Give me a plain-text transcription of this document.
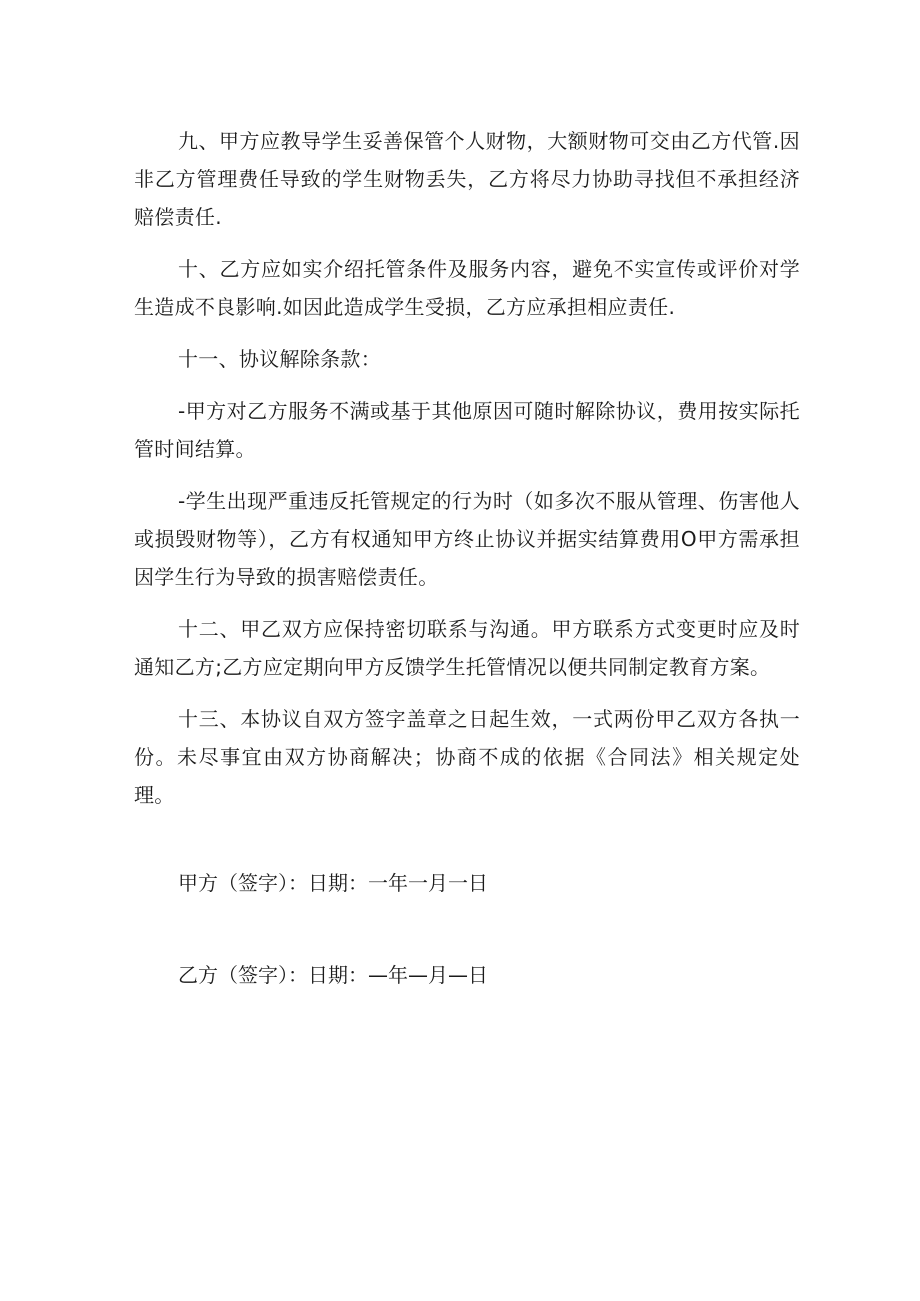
九、甲方应教导学生妥善保管个人财物，大额财物可交由乙方代管.因非乙方管理费任导致的学生财物丢失，乙方将尽力协助寻找但不承担经济赔偿责任.

十、乙方应如实介绍托管条件及服务内容，避免不实宣传或评价对学生造成不良影响.如因此造成学生受损，乙方应承担相应责任.

十一、协议解除条款：

-甲方对乙方服务不满或基于其他原因可随时解除协议，费用按实际托管时间结算。

-学生出现严重违反托管规定的行为时（如多次不服从管理、伤害他人或损毁财物等），乙方有权通知甲方终止协议并据实结算费用O甲方需承担因学生行为导致的损害赔偿责任。

十二、甲乙双方应保持密切联系与沟通。甲方联系方式变更时应及时通知乙方;乙方应定期向甲方反馈学生托管情况以便共同制定教育方案。

十三、本协议自双方签字盖章之日起生效，一式两份甲乙双方各执一份。未尽事宜由双方协商解决；协商不成的依据《合同法》相关规定处理。

甲方（签字）：日期：一年一月一日

乙方（签字）：日期：—年—月—日
